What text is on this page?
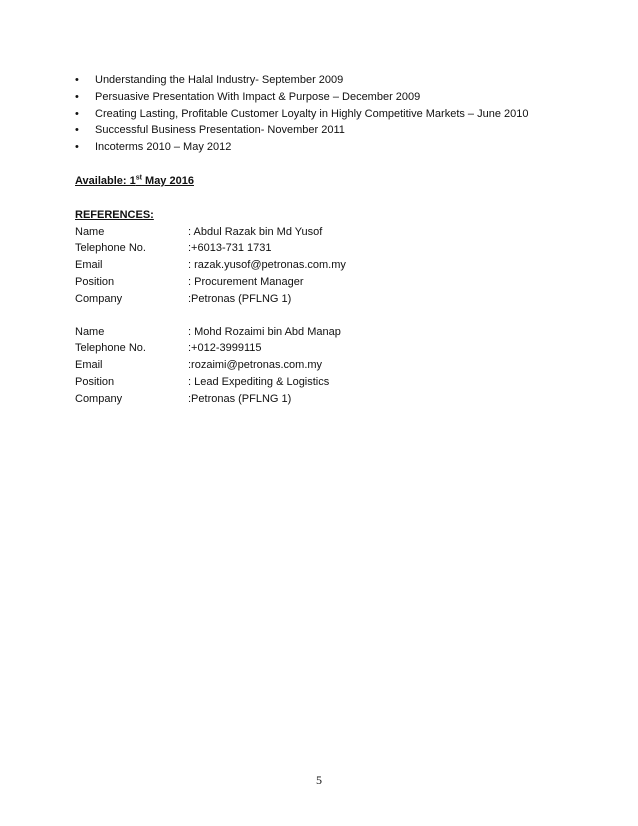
•	Understanding the Halal Industry- September 2009
•	Persuasive Presentation With Impact & Purpose – December 2009
•	Creating Lasting, Profitable Customer Loyalty in Highly Competitive Markets – June 2010
•	Successful Business Presentation- November 2011
•	Incoterms 2010 – May 2012
Available: 1st May 2016
REFERENCES:
Name	: Abdul Razak bin Md Yusof
Telephone No.	:+6013-731 1731
Email	: razak.yusof@petronas.com.my
Position	: Procurement Manager
Company	:Petronas (PFLNG 1)
Name	: Mohd Rozaimi bin Abd Manap
Telephone No.	:+012-3999115
Email	:rozaimi@petronas.com.my
Position	: Lead Expediting & Logistics
Company	:Petronas (PFLNG 1)
5
